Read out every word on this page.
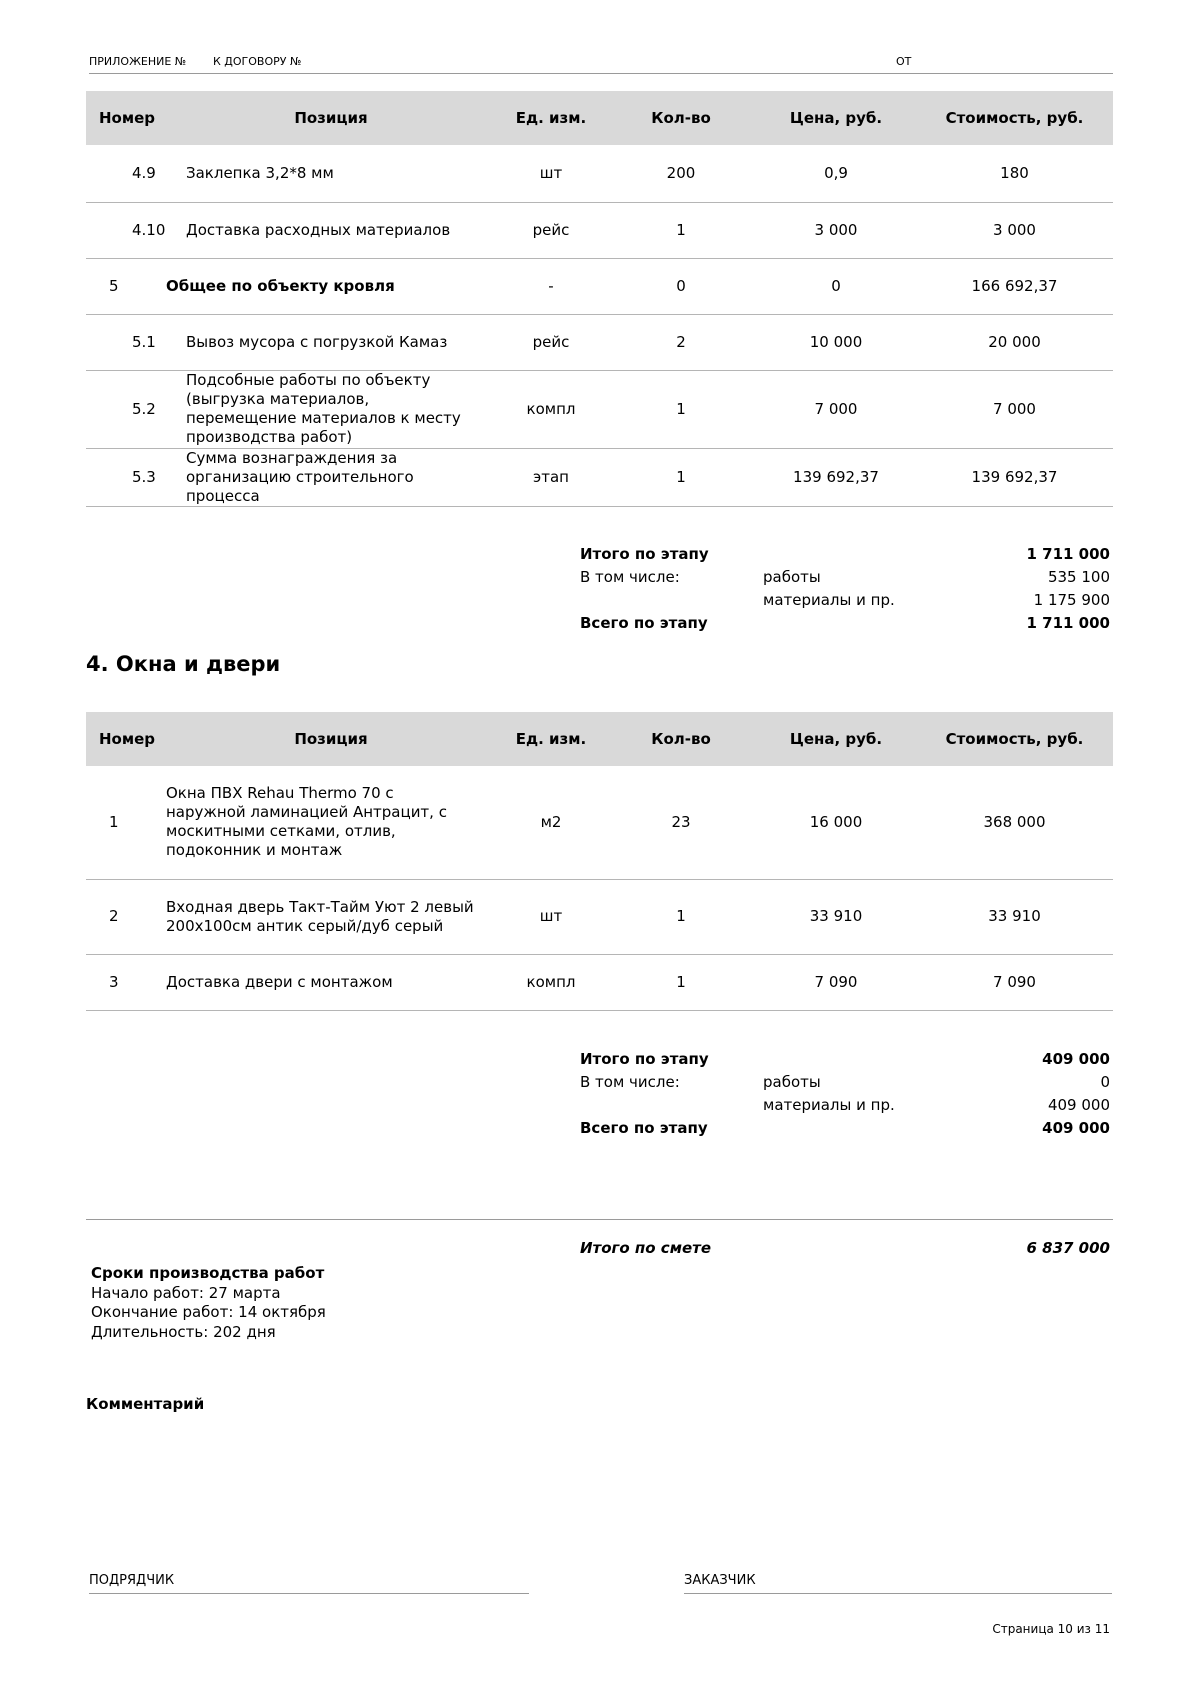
ПРИЛОЖЕНИЕ № К ДОГОВОРУ №	ОТ
Номер	Позиция	Ед. изм.	Кол-во	Цена, руб.	Стоимость, руб.
4.9	Заклепка 3,2*8 мм	шт	200	0,9	180
4.10	Доставка расходных материалов	рейс	1	3 000	3 000
5	Общее по объекту кровля	-	0	0	166 692,37
5.1	Вывоз мусора с погрузкой Камаз	рейс	2	10 000	20 000
5.2	Подсобные работы по объекту
(выгрузка материалов,
перемещение материалов к месту
производства работ)	компл	1	7 000	7 000
5.3	Сумма вознаграждения за
организацию строительного
процесса	этап	1	139 692,37	139 692,37
Итого по этапу	1 711 000
В том числе:	работы	535 100
материалы и пр.	1 175 900
Всего по этапу	1 711 000
4. Окна и двери
Номер	Позиция	Ед. изм.	Кол-во	Цена, руб.	Стоимость, руб.
1	Окна ПВХ Rehau Thermo 70 с
наружной ламинацией Антрацит, с
москитными сетками, отлив,
подоконник и монтаж	м2	23	16 000	368 000
2	Входная дверь Такт-Тайм Уют 2 левый
200х100см антик серый/дуб серый	шт	1	33 910	33 910
3	Доставка двери с монтажом	компл	1	7 090	7 090
Итого по этапу	409 000
В том числе:	работы	0
материалы и пр.	409 000
Всего по этапу	409 000
Итого по смете	6 837 000
Сроки производства работ
Начало работ: 27 марта
Окончание работ: 14 октября
Длительность: 202 дня
Комментарий
ПОДРЯДЧИК	ЗАКАЗЧИК
Страница 10 из 11
